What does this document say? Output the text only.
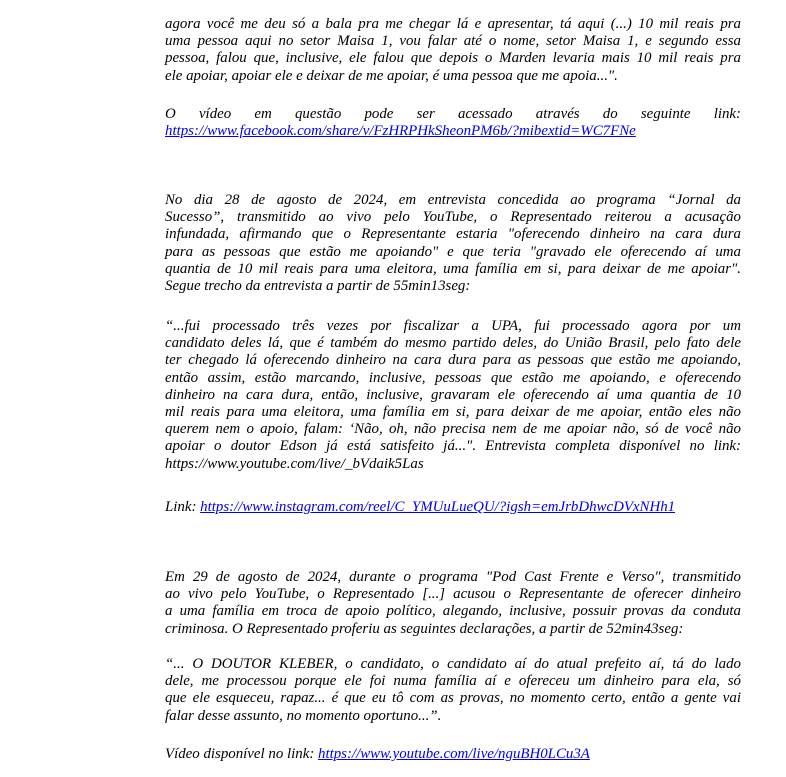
agora você me deu só a bala pra me chegar lá e apresentar, tá aqui (...) 10 mil reais pra
uma pessoa aqui no setor Maisa 1, vou falar até o nome, setor Maisa 1, e segundo essa
pessoa, falou que, inclusive, ele falou que depois o Marden levaria mais 10 mil reais pra
ele apoiar, apoiar ele e deixar de me apoiar, é uma pessoa que me apoia...".

O vídeo em questão pode ser acessado através do seguinte link:
https://www.facebook.com/share/v/FzHRPHkSheonPM6b/?mibextid=WC7FNe

No dia 28 de agosto de 2024, em entrevista concedida ao programa “Jornal da
Sucesso”, transmitido ao vivo pelo YouTube, o Representado reiterou a acusação
infundada, afirmando que o Representante estaria "oferecendo dinheiro na cara dura
para as pessoas que estão me apoiando" e que teria "gravado ele oferecendo aí uma
quantia de 10 mil reais para uma eleitora, uma família em si, para deixar de me apoiar".
Segue trecho da entrevista a partir de 55min13seg:

“...fui processado três vezes por fiscalizar a UPA, fui processado agora por um
candidato deles lá, que é também do mesmo partido deles, do União Brasil, pelo fato dele
ter chegado lá oferecendo dinheiro na cara dura para as pessoas que estão me apoiando,
então assim, estão marcando, inclusive, pessoas que estão me apoiando, e oferecendo
dinheiro na cara dura, então, inclusive, gravaram ele oferecendo aí uma quantia de 10
mil reais para uma eleitora, uma família em si, para deixar de me apoiar, então eles não
querem nem o apoio, falam: ‘Não, oh, não precisa nem de me apoiar não, só de você não
apoiar o doutor Edson já está satisfeito já...". Entrevista completa disponível no link:
https://www.youtube.com/live/_bVdaik5Las

Link: https://www.instagram.com/reel/C_YMUuLueQU/?igsh=emJrbDhwcDVxNHh1

Em 29 de agosto de 2024, durante o programa "Pod Cast Frente e Verso", transmitido
ao vivo pelo YouTube, o Representado [...] acusou o Representante de oferecer dinheiro
a uma família em troca de apoio político, alegando, inclusive, possuir provas da conduta
criminosa. O Representado proferiu as seguintes declarações, a partir de 52min43seg:

“... O DOUTOR KLEBER, o candidato, o candidato aí do atual prefeito aí, tá do lado
dele, me processou porque ele foi numa família aí e ofereceu um dinheiro para ela, só
que ele esqueceu, rapaz... é que eu tô com as provas, no momento certo, então a gente vai
falar desse assunto, no momento oportuno...”.

Vídeo disponível no link: https://www.youtube.com/live/nguBH0LCu3A
